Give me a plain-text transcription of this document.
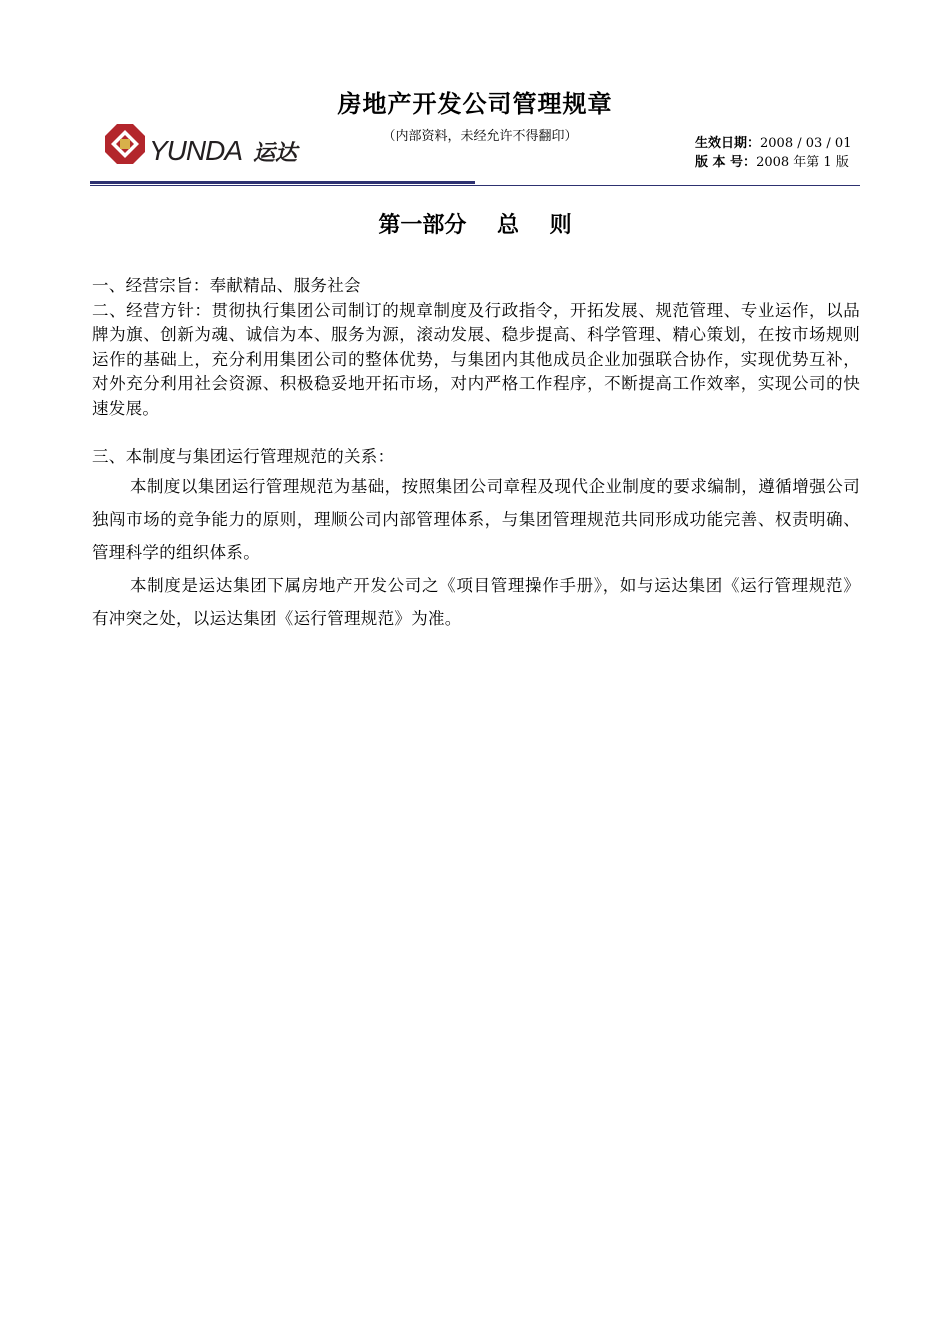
房地产开发公司管理规章
（内部资料，未经允许不得翻印）
YUNDA 运达	生效日期：2008 / 03 / 01
版 本 号：2008 年第 1 版
第一部分    总    则

一、经营宗旨：奉献精品、服务社会

二、经营方针：贯彻执行集团公司制订的规章制度及行政指令，开拓发展、规范管理、专业运作，以品牌为旗、创新为魂、诚信为本、服务为源，滚动发展、稳步提高、科学管理、精心策划，在按市场规则运作的基础上，充分利用集团公司的整体优势，与集团内其他成员企业加强联合协作，实现优势互补，对外充分利用社会资源、积极稳妥地开拓市场，对内严格工作程序，不断提高工作效率，实现公司的快速发展。

三、本制度与集团运行管理规范的关系：

本制度以集团运行管理规范为基础，按照集团公司章程及现代企业制度的要求编制，遵循增强公司独闯市场的竞争能力的原则，理顺公司内部管理体系，与集团管理规范共同形成功能完善、权责明确、管理科学的组织体系。

本制度是运达集团下属房地产开发公司之《项目管理操作手册》，如与运达集团《运行管理规范》有冲突之处，以运达集团《运行管理规范》为准。
